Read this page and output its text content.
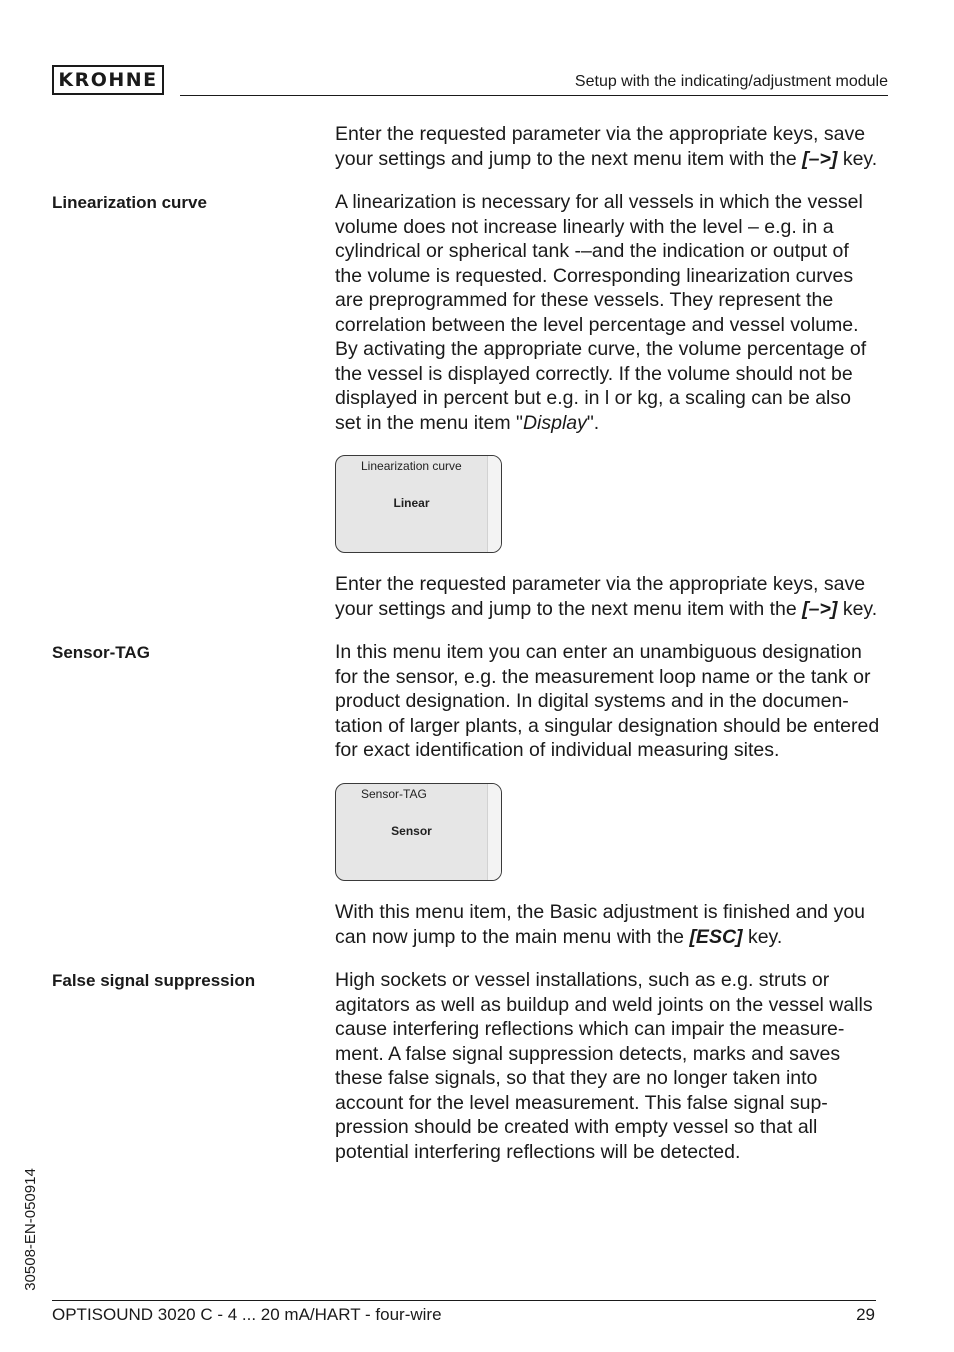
KROHNE	Setup with the indicating/adjustment module
Enter the requested parameter via the appropriate keys, save
your settings and jump to the next menu item with the [–>] key.
Linearization curve	A linearization is necessary for all vessels in which the vessel
volume does not increase linearly with the level – e.g. in a
cylindrical or spherical tank -–and the indication or output of
the volume is requested. Corresponding linearization curves
are preprogrammed for these vessels. They represent the
correlation between the level percentage and vessel volume.
By activating the appropriate curve, the volume percentage of
the vessel is displayed correctly. If the volume should not be
displayed in percent but e.g. in l or kg, a scaling can be also
set in the menu item "Display".
Linearization curve
Linear
Enter the requested parameter via the appropriate keys, save
your settings and jump to the next menu item with the [–>] key.
Sensor-TAG	In this menu item you can enter an unambiguous designation
for the sensor, e.g. the measurement loop name or the tank or
product designation. In digital systems and in the documen-
tation of larger plants, a singular designation should be entered
for exact identification of individual measuring sites.
Sensor-TAG
Sensor
With this menu item, the Basic adjustment is finished and you
can now jump to the main menu with the [ESC] key.
False signal suppression	High sockets or vessel installations, such as e.g. struts or
agitators as well as buildup and weld joints on the vessel walls
cause interfering reflections which can impair the measure-
ment. A false signal suppression detects, marks and saves
these false signals, so that they are no longer taken into
account for the level measurement. This false signal sup-
pression should be created with empty vessel so that all
potential interfering reflections will be detected.
30508-EN-050914
OPTISOUND 3020 C - 4 ... 20 mA/HART - four-wire	29
